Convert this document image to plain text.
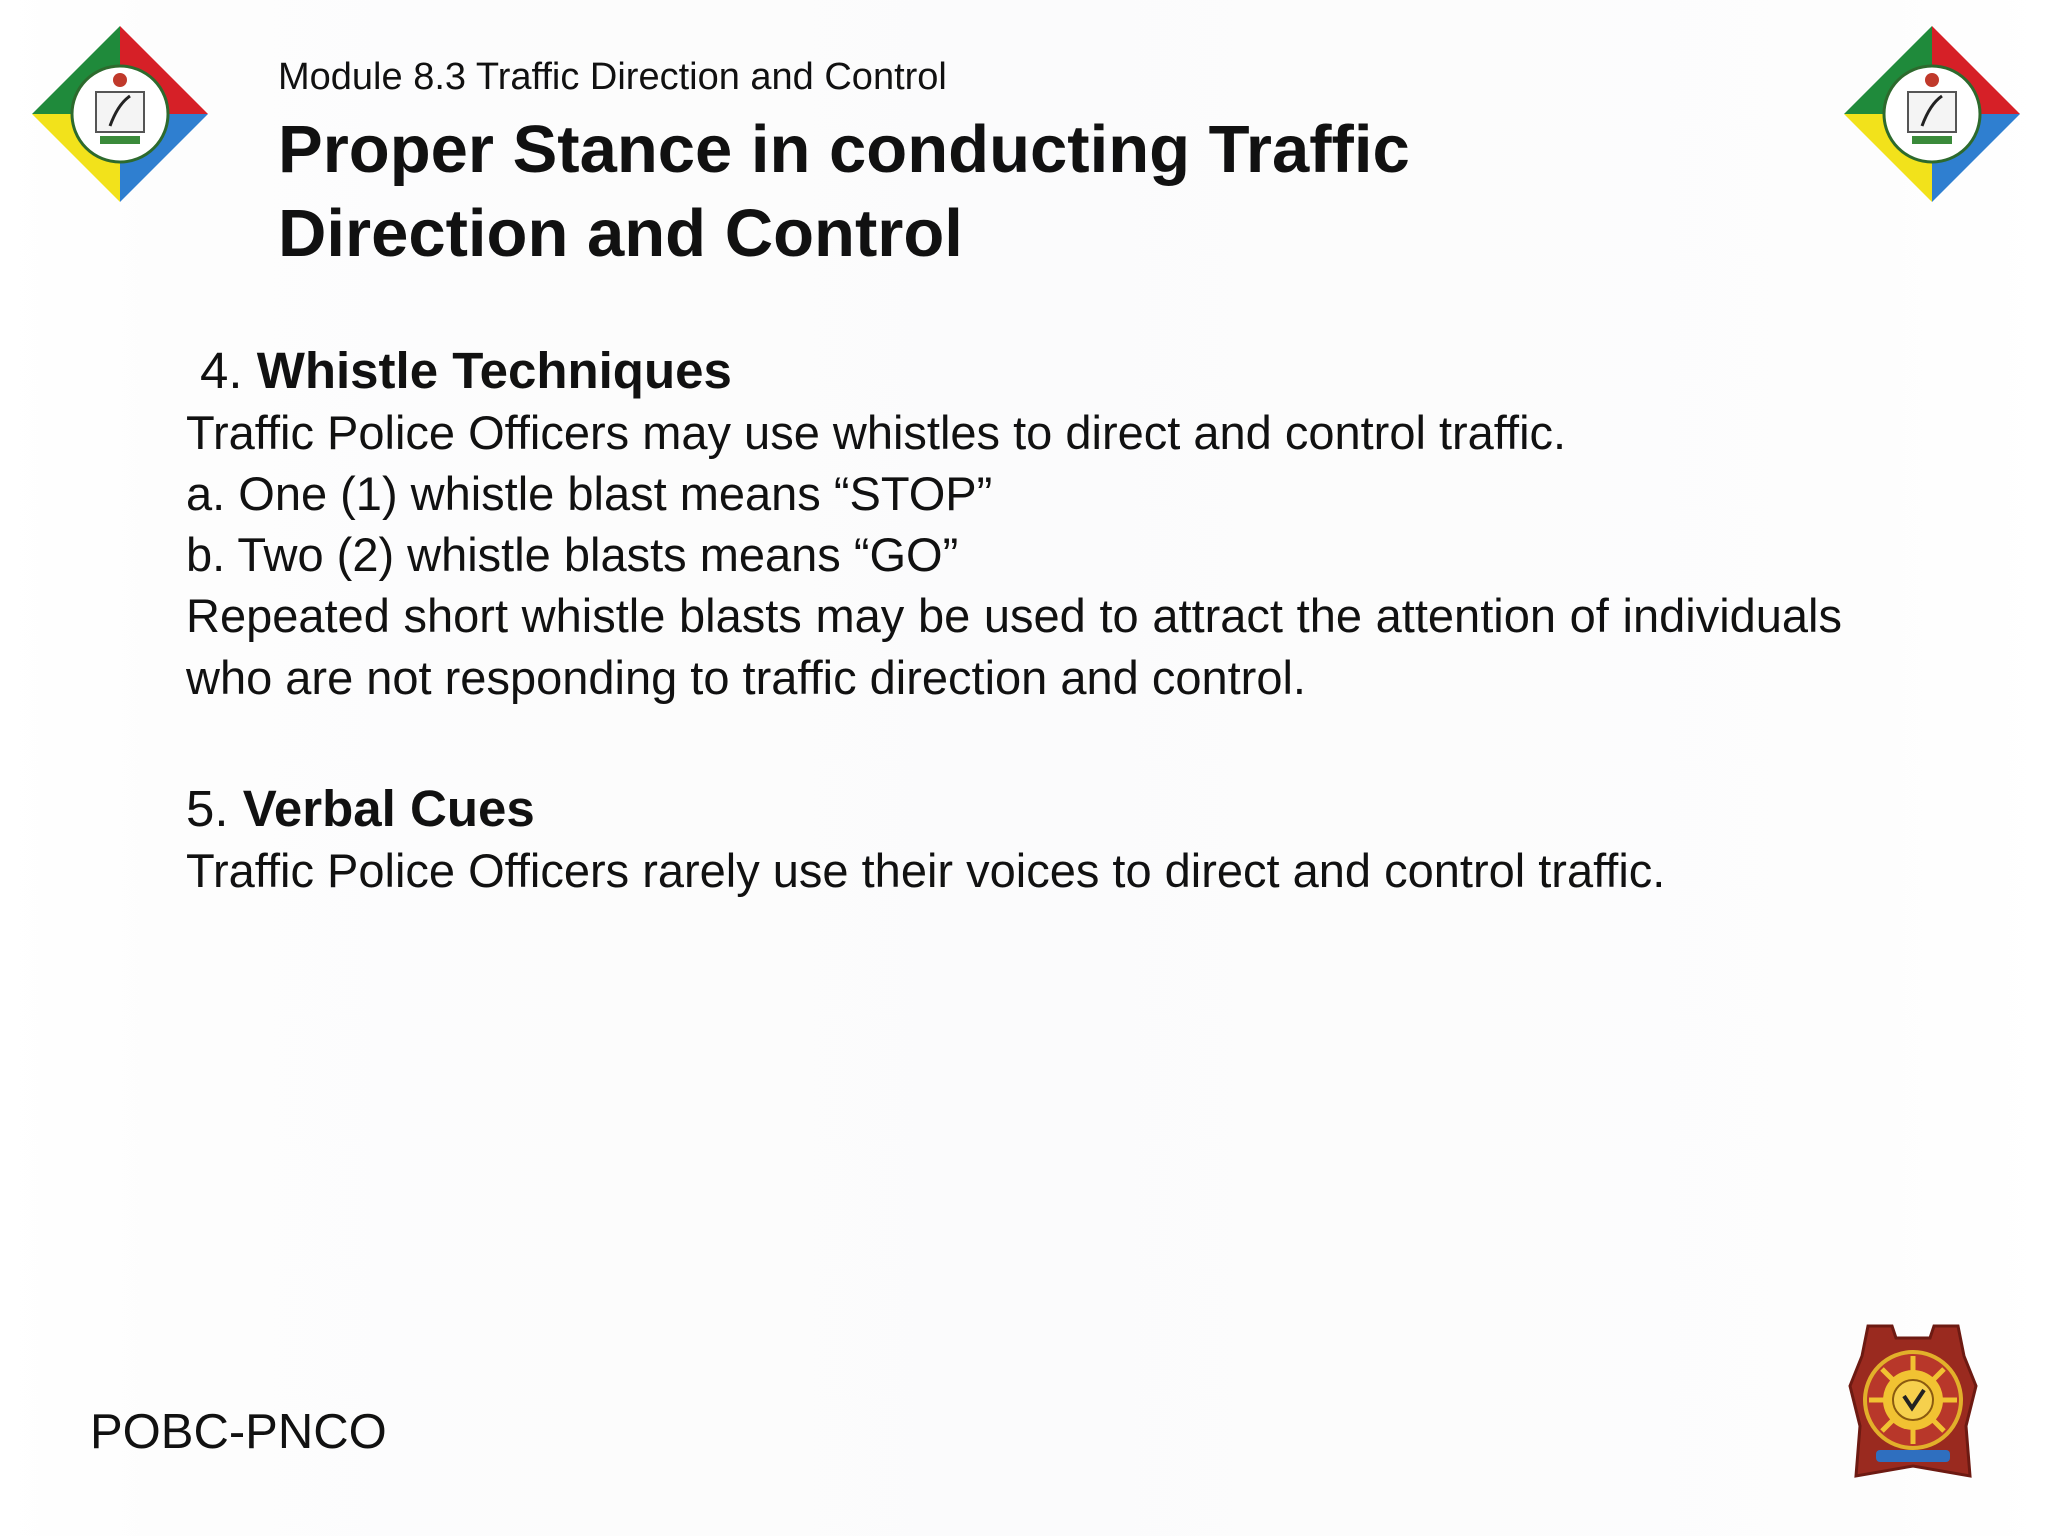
Module 8.3 Traffic Direction and Control
Proper Stance in conducting Traffic
Direction and Control
4. Whistle Techniques
Traffic Police Officers may use whistles to direct and control traffic.
a. One (1) whistle blast means “STOP”
b. Two (2) whistle blasts means “GO”
Repeated short whistle blasts may be used to attract the attention of individuals who are not responding to traffic direction and control.
5. Verbal Cues
Traffic Police Officers rarely use their voices to direct and control traffic.
POBC-PNCO
